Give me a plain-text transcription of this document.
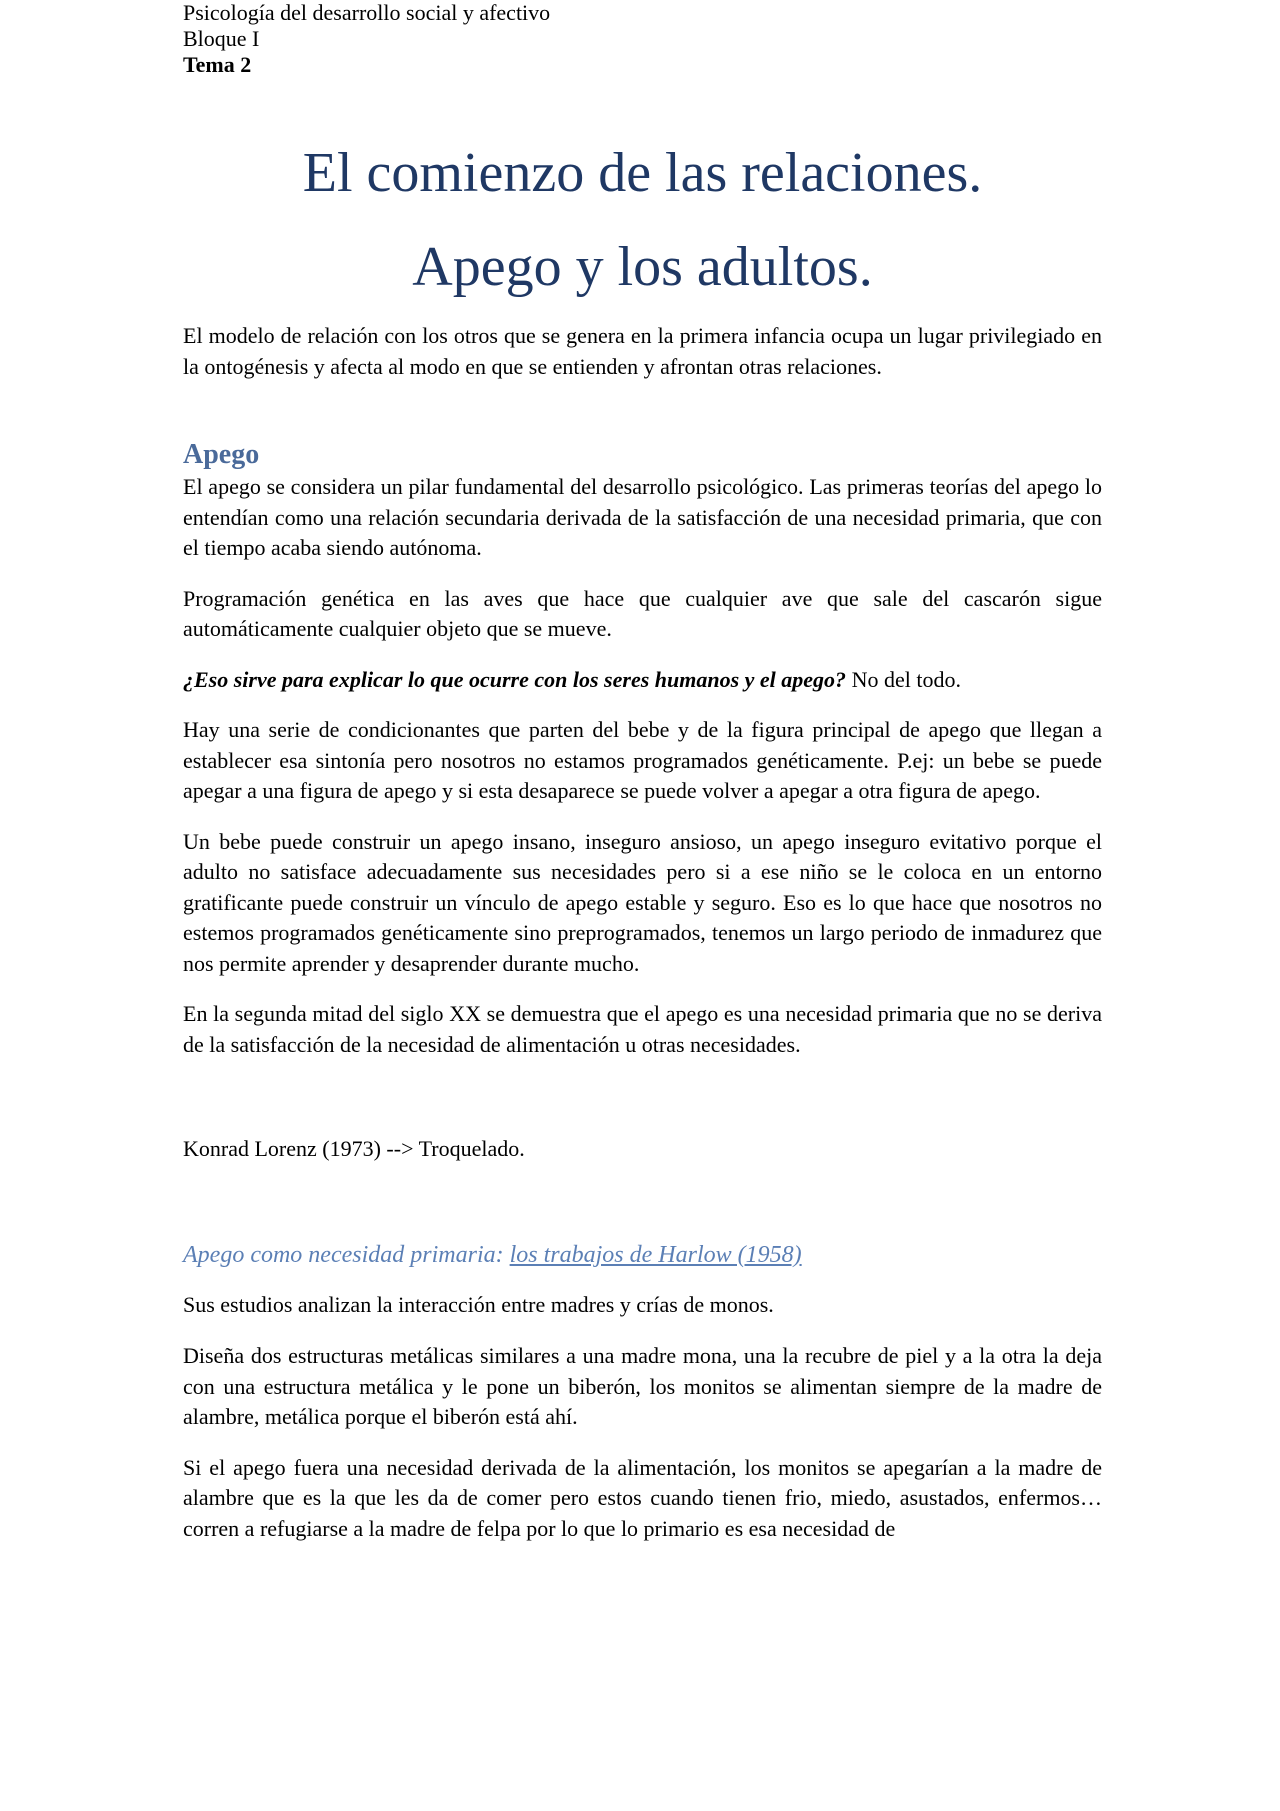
Psicología del desarrollo social y afectivo
Bloque I
Tema 2
El comienzo de las relaciones.
Apego y los adultos.

El modelo de relación con los otros que se genera en la primera infancia ocupa un lugar privilegiado en la ontogénesis y afecta al modo en que se entienden y afrontan otras relaciones.

Apego

El apego se considera un pilar fundamental del desarrollo psicológico. Las primeras teorías del apego lo entendían como una relación secundaria derivada de la satisfacción de una necesidad primaria, que con el tiempo acaba siendo autónoma.

Programación genética en las aves que hace que cualquier ave que sale del cascarón sigue automáticamente cualquier objeto que se mueve.

¿Eso sirve para explicar lo que ocurre con los seres humanos y el apego? No del todo.

Hay una serie de condicionantes que parten del bebe y de la figura principal de apego que llegan a establecer esa sintonía pero nosotros no estamos programados genéticamente. P.ej: un bebe se puede apegar a una figura de apego y si esta desaparece se puede volver a apegar a otra figura de apego.

Un bebe puede construir un apego insano, inseguro ansioso, un apego inseguro evitativo porque el adulto no satisface adecuadamente sus necesidades pero si a ese niño se le coloca en un entorno gratificante puede construir un vínculo de apego estable y seguro. Eso es lo que hace que nosotros no estemos programados genéticamente sino preprogramados, tenemos un largo periodo de inmadurez que nos permite aprender y desaprender durante mucho.

En la segunda mitad del siglo XX se demuestra que el apego es una necesidad primaria que no se deriva de la satisfacción de la necesidad de alimentación u otras necesidades.

Konrad Lorenz (1973) --> Troquelado.

Apego como necesidad primaria: los trabajos de Harlow (1958)

Sus estudios analizan la interacción entre madres y crías de monos.

Diseña dos estructuras metálicas similares a una madre mona, una la recubre de piel y a la otra la deja con una estructura metálica y le pone un biberón, los monitos se alimentan siempre de la madre de alambre, metálica porque el biberón está ahí.

Si el apego fuera una necesidad derivada de la alimentación, los monitos se apegarían a la madre de alambre que es la que les da de comer pero estos cuando tienen frio, miedo, asustados, enfermos… corren a refugiarse a la madre de felpa por lo que lo primario es esa necesidad de
